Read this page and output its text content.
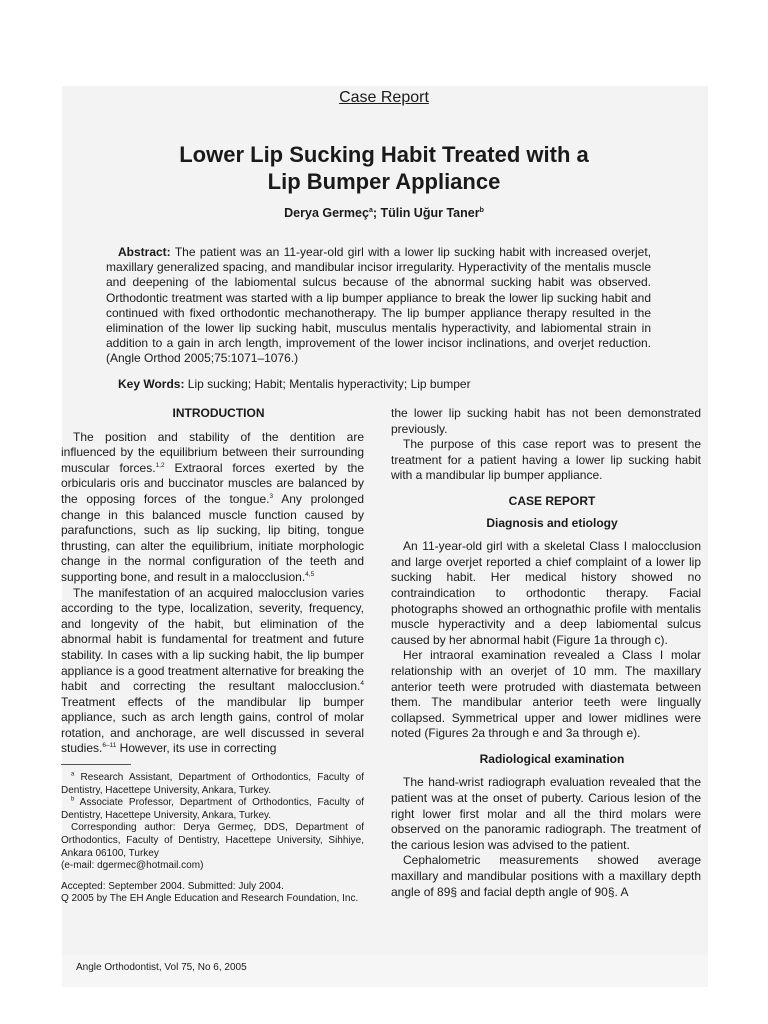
Case Report
Lower Lip Sucking Habit Treated with a
Lip Bumper Appliance
Derya Germeç$^a$; Tülin Uğur Taner$^b$
Abstract: The patient was an 11-year-old girl with a lower lip sucking habit with increased overjet, maxillary generalized spacing, and mandibular incisor irregularity. Hyperactivity of the mentalis muscle and deepening of the labiomental sulcus because of the abnormal sucking habit was observed. Orthodontic treatment was started with a lip bumper appliance to break the lower lip sucking habit and continued with fixed orthodontic mechanotherapy. The lip bumper appliance therapy resulted in the elimination of the lower lip sucking habit, musculus mentalis hyperactivity, and labiomental strain in addition to a gain in arch length, improvement of the lower incisor inclinations, and overjet reduction. (Angle Orthod 2005;75:1071–1076.)
Key Words: Lip sucking; Habit; Mentalis hyperactivity; Lip bumper

INTRODUCTION

The position and stability of the dentition are influenced by the equilibrium between their surrounding muscular forces.$^{1,2}$ Extraoral forces exerted by the orbicularis oris and buccinator muscles are balanced by the opposing forces of the tongue.$^3$ Any prolonged change in this balanced muscle function caused by parafunctions, such as lip sucking, lip biting, tongue thrusting, can alter the equilibrium, initiate morphologic change in the normal configuration of the teeth and supporting bone, and result in a malocclusion.$^{4,5}$

The manifestation of an acquired malocclusion varies according to the type, localization, severity, frequency, and longevity of the habit, but elimination of the abnormal habit is fundamental for treatment and future stability. In cases with a lip sucking habit, the lip bumper appliance is a good treatment alternative for breaking the habit and correcting the resultant malocclusion.$^4$ Treatment effects of the mandibular lip bumper appliance, such as arch length gains, control of molar rotation, and anchorage, are well discussed in several studies.$^{6-11}$ However, its use in correcting

the lower lip sucking habit has not been demonstrated previously.

The purpose of this case report was to present the treatment for a patient having a lower lip sucking habit with a mandibular lip bumper appliance.

CASE REPORT

Diagnosis and etiology

An 11-year-old girl with a skeletal Class I malocclusion and large overjet reported a chief complaint of a lower lip sucking habit. Her medical history showed no contraindication to orthodontic therapy. Facial photographs showed an orthognathic profile with mentalis muscle hyperactivity and a deep labiomental sulcus caused by her abnormal habit (Figure 1a through c).

Her intraoral examination revealed a Class I molar relationship with an overjet of 10 mm. The maxillary anterior teeth were protruded with diastemata between them. The mandibular anterior teeth were lingually collapsed. Symmetrical upper and lower midlines were noted (Figures 2a through e and 3a through e).

Radiological examination

The hand-wrist radiograph evaluation revealed that the patient was at the onset of puberty. Carious lesion of the right lower first molar and all the third molars were observed on the panoramic radiograph. The treatment of the carious lesion was advised to the patient.

Cephalometric measurements showed average maxillary and mandibular positions with a maxillary depth angle of 89§ and facial depth angle of 90§. A

$^a$ Research Assistant, Department of Orthodontics, Faculty of Dentistry, Hacettepe University, Ankara, Turkey.

$^b$ Associate Professor, Department of Orthodontics, Faculty of Dentistry, Hacettepe University, Ankara, Turkey.

Corresponding author: Derya Germeç, DDS, Department of Orthodontics, Faculty of Dentistry, Hacettepe University, Sihhiye, Ankara 06100, Turkey

(e-mail: dgermec@hotmail.com)

Accepted: September 2004. Submitted: July 2004.

Q 2005 by The EH Angle Education and Research Foundation, Inc.

Angle Orthodontist, Vol 75, No 6, 2005
